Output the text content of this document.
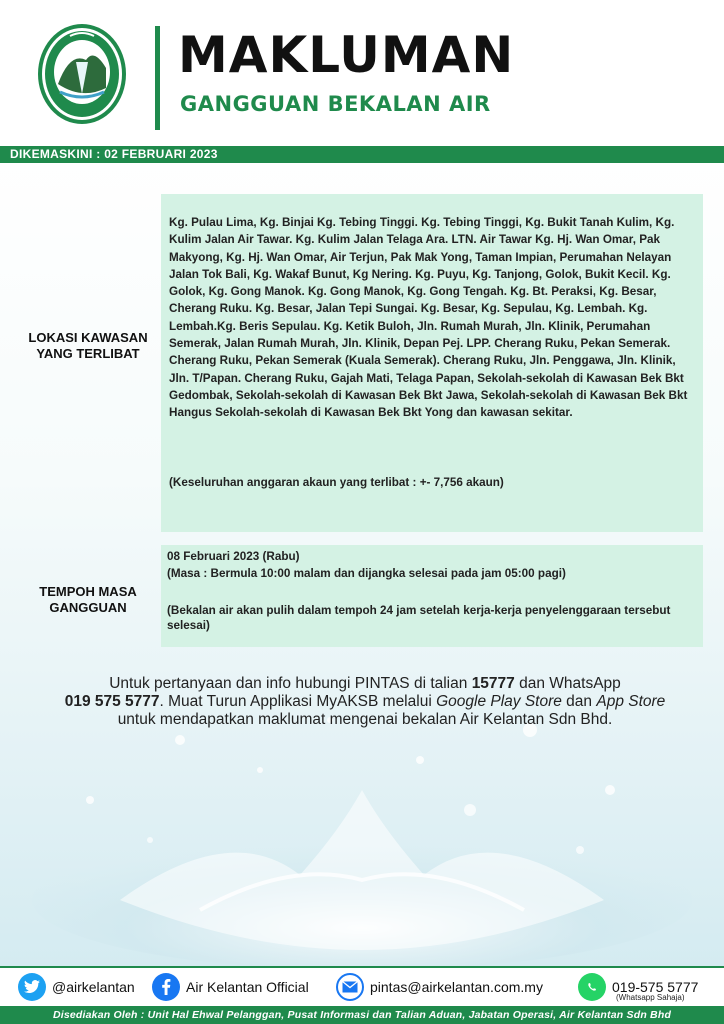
MAKLUMAN
GANGGUAN BEKALAN AIR
DIKEMASKINI : 02 FEBRUARI 2023
LOKASI KAWASAN
YANG TERLIBAT

Kg. Pulau Lima, Kg. Binjai Kg. Tebing Tinggi. Kg. Tebing Tinggi, Kg. Bukit Tanah Kulim, Kg. Kulim Jalan Air Tawar. Kg. Kulim Jalan Telaga Ara. LTN. Air Tawar Kg. Hj. Wan Omar, Pak Makyong, Kg. Hj. Wan Omar, Air Terjun, Pak Mak Yong, Taman Impian, Perumahan Nelayan Jalan Tok Bali, Kg. Wakaf Bunut, Kg Nering. Kg. Puyu, Kg. Tanjong, Golok, Bukit Kecil. Kg. Golok, Kg. Gong Manok. Kg. Gong Manok, Kg. Gong Tengah. Kg. Bt. Peraksi, Kg. Besar, Cherang Ruku. Kg. Besar, Jalan Tepi Sungai. Kg. Besar, Kg. Sepulau, Kg. Lembah. Kg. Lembah.Kg. Beris Sepulau. Kg. Ketik Buloh, Jln. Rumah Murah, Jln. Klinik, Perumahan Semerak, Jalan Rumah Murah, Jln. Klinik, Depan Pej. LPP. Cherang Ruku, Pekan Semerak. Cherang Ruku, Pekan Semerak (Kuala Semerak). Cherang Ruku, Jln. Penggawa, Jln. Klinik, Jln. T/Papan. Cherang Ruku, Gajah Mati, Telaga Papan, Sekolah-sekolah di Kawasan Bek Bkt Gedombak, Sekolah-sekolah di Kawasan Bek Bkt Jawa, Sekolah-sekolah di Kawasan Bek Bkt Hangus Sekolah-sekolah di Kawasan Bek Bkt Yong dan kawasan sekitar.

(Keseluruhan anggaran akaun yang terlibat : +- 7,756 akaun)

TEMPOH MASA
GANGGUAN

08 Februari 2023 (Rabu)

(Masa : Bermula 10:00 malam dan dijangka selesai pada jam 05:00 pagi)

(Bekalan air akan pulih dalam tempoh 24 jam setelah kerja-kerja penyelenggaraan tersebut selesai)

Untuk pertanyaan dan info hubungi PINTAS di talian 15777 dan WhatsApp
019 575 5777. Muat Turun Applikasi MyAKSB melalui Google Play Store dan App Store
untuk mendapatkan maklumat mengenai bekalan Air Kelantan Sdn Bhd.
@airkelantan	Air Kelantan Official	pintas@airkelantan.com.my	019-575 5777
(Whatsapp Sahaja)
Disediakan Oleh : Unit Hal Ehwal Pelanggan, Pusat Informasi dan Talian Aduan, Jabatan Operasi, Air Kelantan Sdn Bhd
